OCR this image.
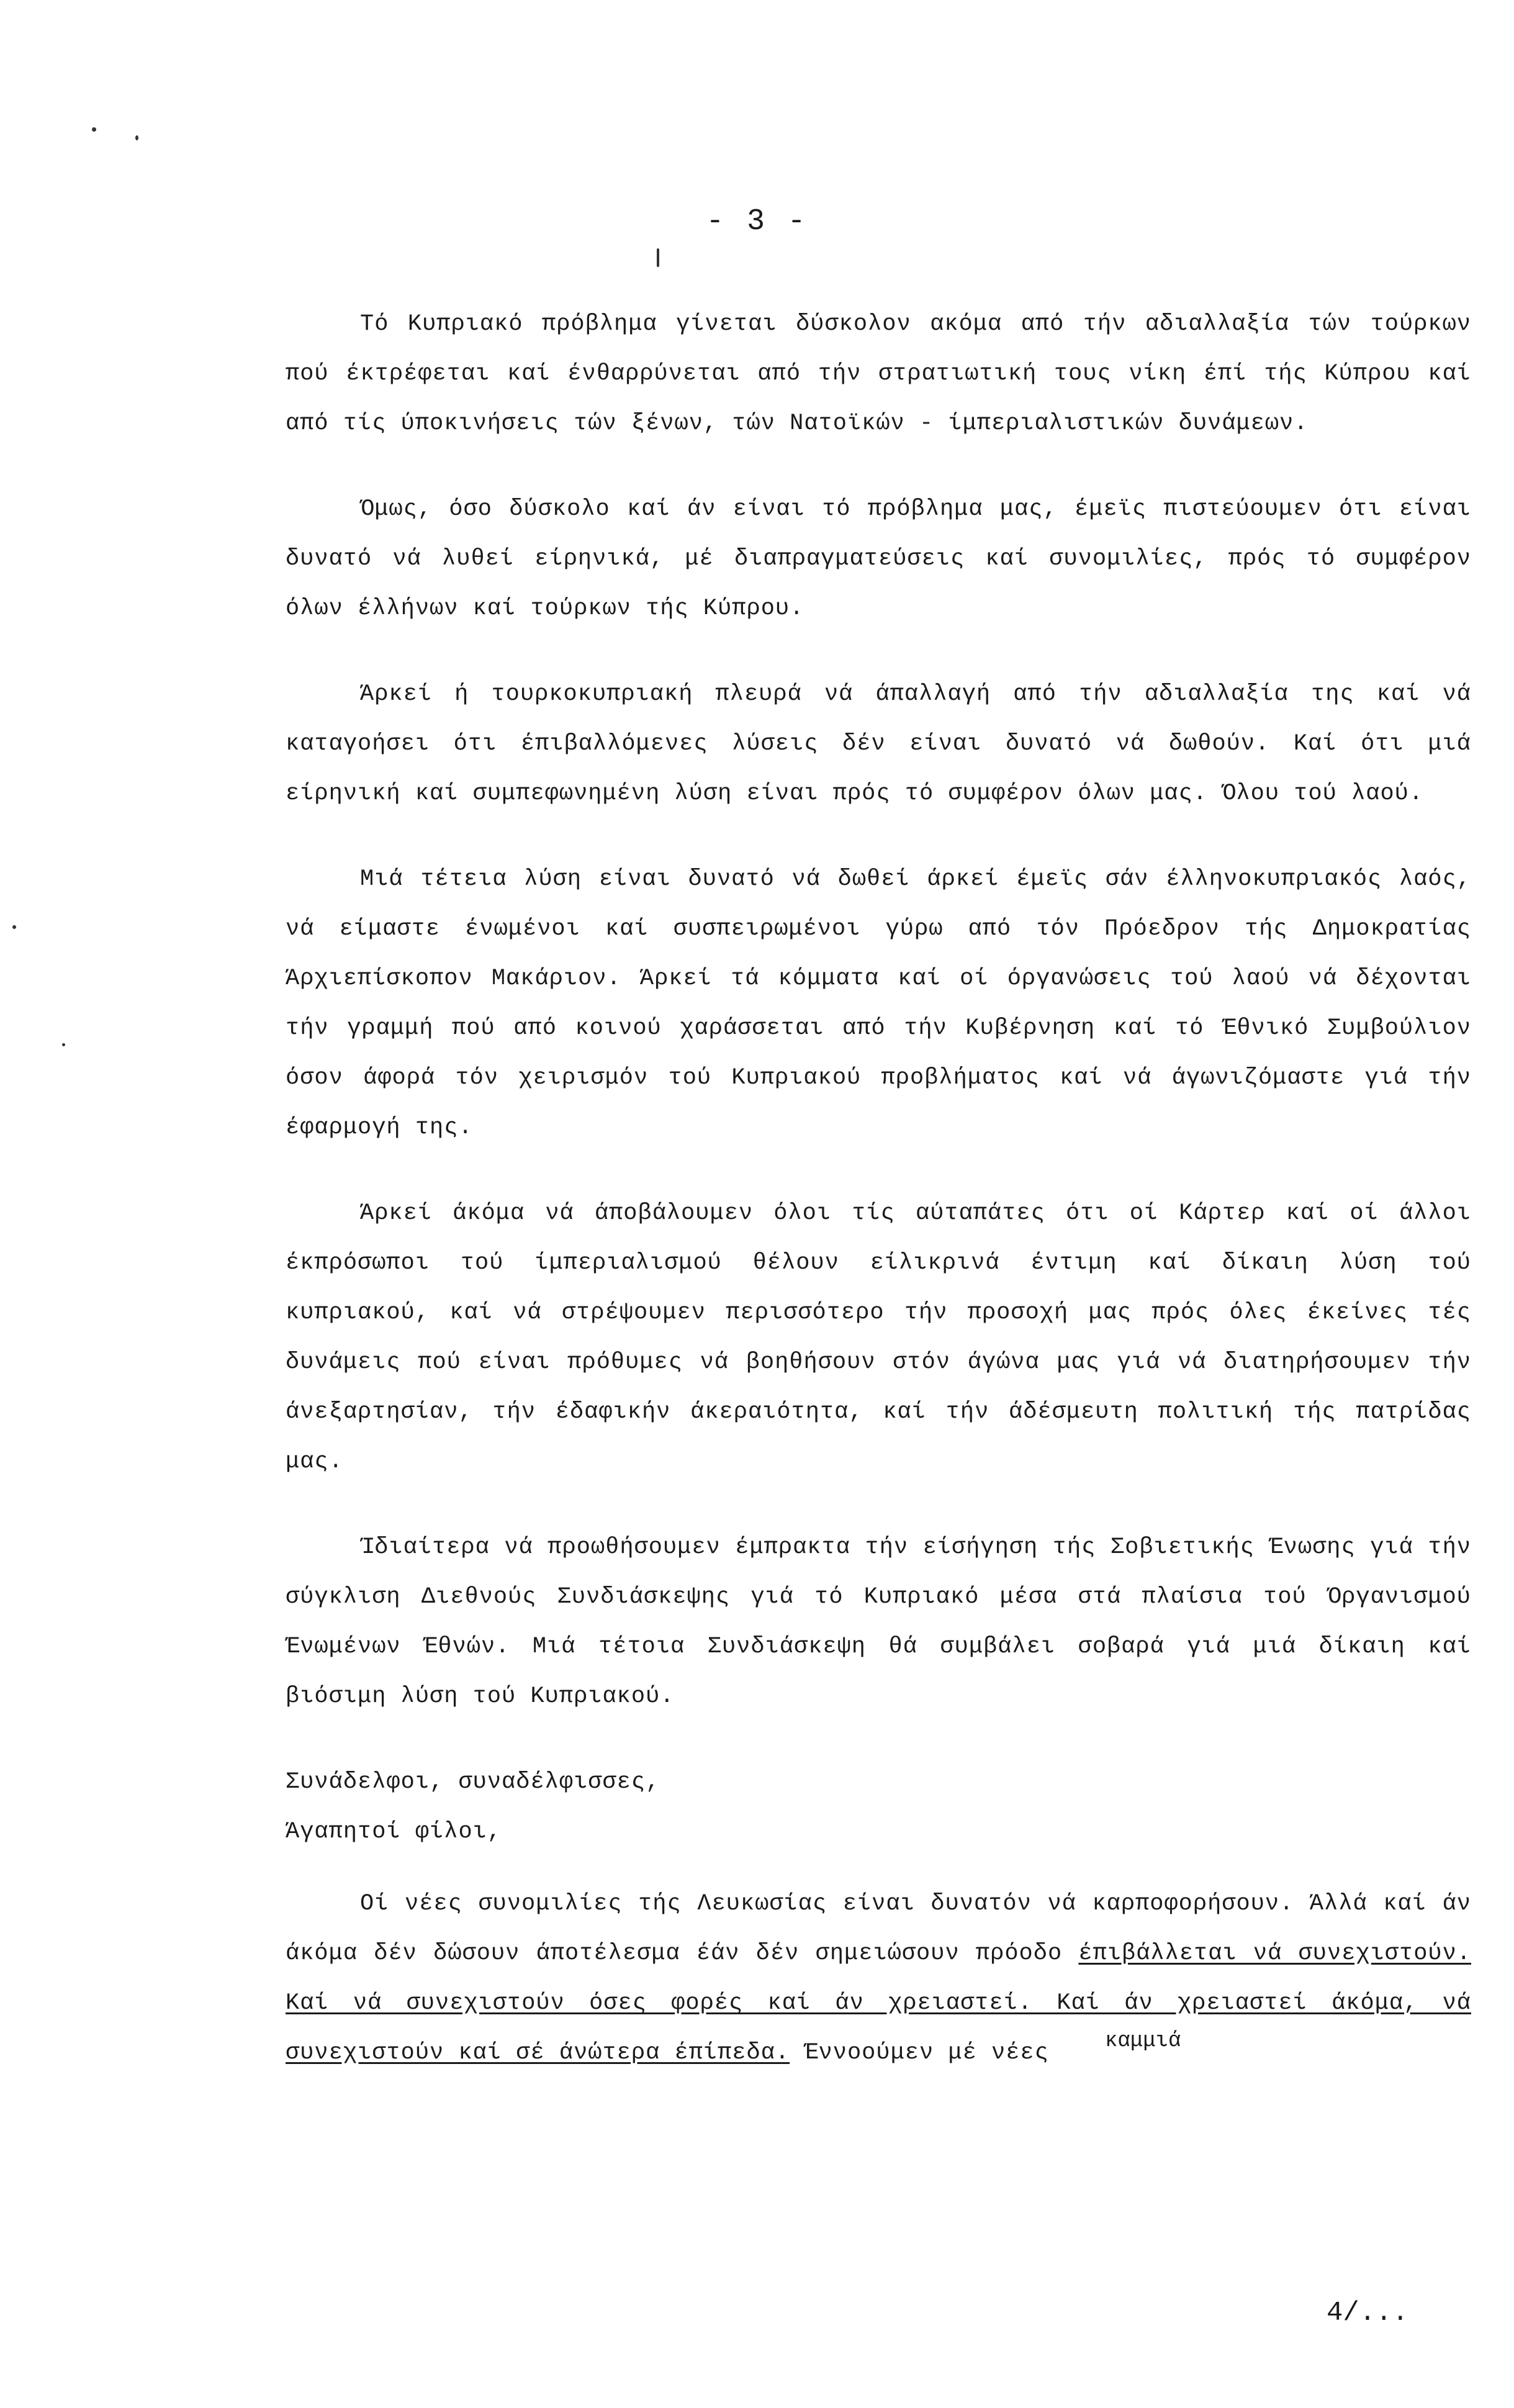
- 3 -

Τό Κυπριακό πρόβλημα γίνεται δύσκολον ακόμα από τήν αδιαλλαξία τών τούρκων πού έκτρέφεται καί ένθαρρύνεται από τήν στρατιωτική τους νίκη έπί τής Κύπρου καί από τίς ύποκινήσεις τών ξένων, τών Νατοϊκών - ίμπεριαλιστικών δυνάμεων.

Όμως, όσο δύσκολο καί άν είναι τό πρόβλημα μας, έμεϊς πιστεύουμεν ότι είναι δυνατό νά λυθεί είρηνικά, μέ διαπραγματεύσεις καί συνομιλίες, πρός τό συμφέρον όλων έλλήνων καί τούρκων τής Κύπρου.

Άρκεί ή τουρκοκυπριακή πλευρά νά άπαλλαγή από τήν αδιαλλαξία της καί νά καταγοήσει ότι έπιβαλλόμενες λύσεις δέν είναι δυνατό νά δωθούν. Καί ότι μιά είρηνική καί συμπεφωνημένη λύση είναι πρός τό συμφέρον όλων μας. Όλου τού λαού.

Μιά τέτεια λύση είναι δυνατό νά δωθεί άρκεί έμεϊς σάν έλληνοκυπριακός λαός, νά είμαστε ένωμένοι καί συσπειρωμένοι γύρω από τόν Πρόεδρον τής Δημοκρατίας Άρχιεπίσκοπον Μακάριον. Άρκεί τά κόμματα καί οί όργανώσεις τού λαού νά δέχονται τήν γραμμή πού από κοινού χαράσσεται από τήν Κυβέρνηση καί τό Έθνικό Συμβούλιον όσον άφορά τόν χειρισμόν τού Κυπριακού προβλήματος καί νά άγωνιζόμαστε γιά τήν έφαρμογή της.

Άρκεί άκόμα νά άποβάλουμεν όλοι τίς αύταπάτες ότι οί Κάρτερ καί οί άλλοι έκπρόσωποι τού ίμπεριαλισμού θέλουν είλικρινά έντιμη καί δίκαιη λύση τού κυπριακού, καί νά στρέψουμεν περισσότερο τήν προσοχή μας πρός όλες έκείνες τές δυνάμεις πού είναι πρόθυμες νά βοηθήσουν στόν άγώνα μας γιά νά διατηρήσουμεν τήν άνεξαρτησίαν, τήν έδαφικήν άκεραιότητα, καί τήν άδέσμευτη πολιτική τής πατρίδας μας.

Ίδιαίτερα νά προωθήσουμεν έμπρακτα τήν είσήγηση τής Σοβιετικής Ένωσης γιά τήν σύγκλιση Διεθνούς Συνδιάσκεψης γιά τό Κυπριακό μέσα στά πλαίσια τού Όργανισμού Ένωμένων Έθνών. Μιά τέτοια Συνδιάσκεψη θά συμβάλει σοβαρά γιά μιά δίκαιη καί βιόσιμη λύση τού Κυπριακού.

Συνάδελφοι, συναδέλφισσες,

Άγαπητοί φίλοι,

Οί νέες συνομιλίες τής Λευκωσίας είναι δυνατόν νά καρποφορήσουν. Άλλά καί άν άκόμα δέν δώσουν άποτέλεσμα έάν δέν σημειώσουν πρόοδο έπιβάλλεται νά συνεχιστούν. Καί νά συνεχιστούν όσες φορές καί άν χρειαστεί. Καί άν χρειαστεί άκόμα, νά συνεχιστούν καί σέ άνώτερα έπίπεδα. Έννοούμεν μέ νέες	καμμιά
4/...
